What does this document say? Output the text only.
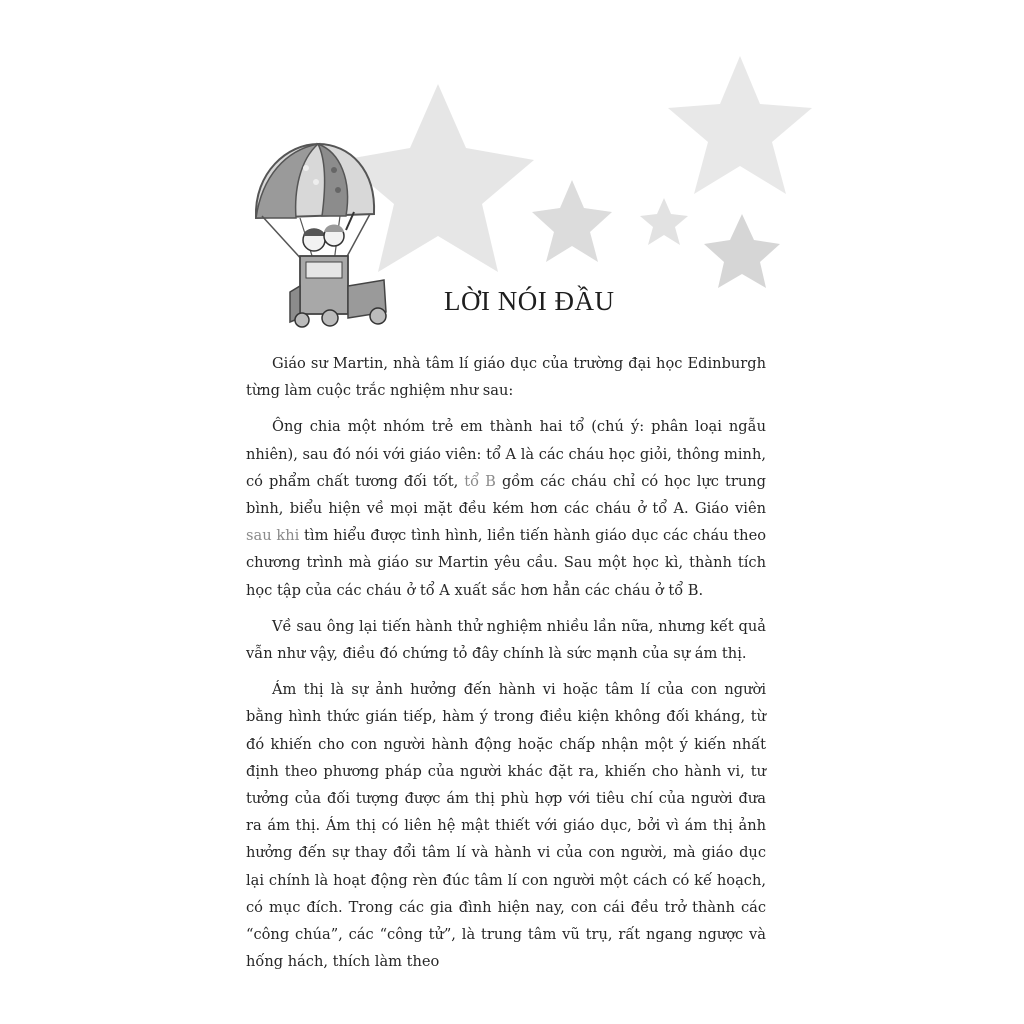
LỜI NÓI ĐẦU

Giáo sư Martin, nhà tâm lí giáo dục của trường đại học Edinburgh từng làm cuộc trắc nghiệm như sau:

Ông chia một nhóm trẻ em thành hai tổ (chú ý: phân loại ngẫu nhiên), sau đó nói với giáo viên: tổ A là các cháu học giỏi, thông minh, có phẩm chất tương đối tốt, tổ B gồm các cháu chỉ có học lực trung bình, biểu hiện về mọi mặt đều kém hơn các cháu ở tổ A. Giáo viên sau khi tìm hiểu được tình hình, liền tiến hành giáo dục các cháu theo chương trình mà giáo sư Martin yêu cầu. Sau một học kì, thành tích học tập của các cháu ở tổ A xuất sắc hơn hẳn các cháu ở tổ B.

Về sau ông lại tiến hành thử nghiệm nhiều lần nữa, nhưng kết quả vẫn như vậy, điều đó chứng tỏ đây chính là sức mạnh của sự ám thị.

Ám thị là sự ảnh hưởng đến hành vi hoặc tâm lí của con người bằng hình thức gián tiếp, hàm ý trong điều kiện không đối kháng, từ đó khiến cho con người hành động hoặc chấp nhận một ý kiến nhất định theo phương pháp của người khác đặt ra, khiến cho hành vi, tư tưởng của đối tượng được ám thị phù hợp với tiêu chí của người đưa ra ám thị. Ám thị có liên hệ mật thiết với giáo dục, bởi vì ám thị ảnh hưởng đến sự thay đổi tâm lí và hành vi của con người, mà giáo dục lại chính là hoạt động rèn đúc tâm lí con người một cách có kế hoạch, có mục đích. Trong các gia đình hiện nay, con cái đều trở thành các “công chúa”, các “công tử”, là trung tâm vũ trụ, rất ngang ngược và hống hách, thích làm theo
